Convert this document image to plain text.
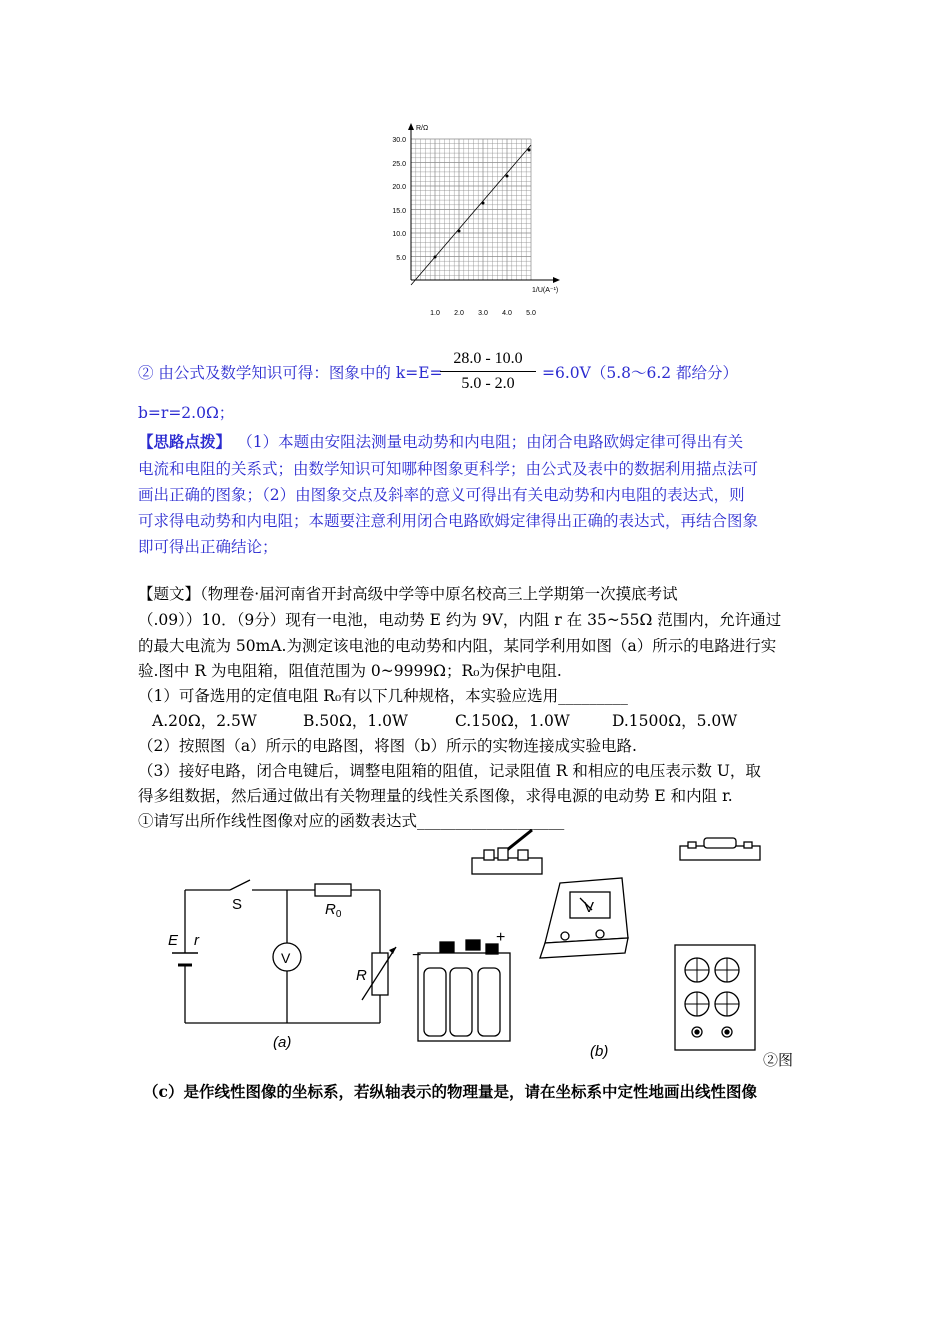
R/Ω
1/U(A⁻¹)
5.0
10.0
15.0
20.0
25.0
30.0
1.0 2.0 3.0 4.0 5.0
② 由公式及数学知识可得：图象中的 k=E=
28.0 - 10.0
5.0 - 2.0
=6.0V（5.8～6.2 都给分）
b=r=2.0Ω；
【思路点拨】 （1）本题由安阻法测量电动势和内电阻；由闭合电路欧姆定律可得出有关
电流和电阻的关系式；由数学知识可知哪种图象更科学；由公式及表中的数据利用描点法可
画出正确的图象；（2）由图象交点及斜率的意义可得出有关电动势和内电阻的表达式，则
可求得电动势和内电阻；本题要注意利用闭合电路欧姆定律得出正确的表达式，再结合图象
即可得出正确结论；
【题文】（物理卷·届河南省开封高级中学等中原名校高三上学期第一次摸底考试
（.09））10．（9分）现有一电池，电动势 E 约为 9V，内阻 r 在 35~55Ω 范围内，允许通过
的最大电流为 50mA.为测定该电池的电动势和内阻，某同学利用如图（a）所示的电路进行实
验.图中 R 为电阻箱，阻值范围为 0~9999Ω；R₀为保护电阻.
（1）可备选用的定值电阻 R₀有以下几种规格，本实验应选用_________
A.20Ω，2.5W	B.50Ω，1.0W	C.150Ω，1.0W	D.1500Ω，5.0W
（2）按照图（a）所示的电路图，将图（b）所示的实物连接成实验电路.
（3）接好电路，闭合电键后，调整电阻箱的阻值，记录阻值 R 和相应的电压表示数 U，取
得多组数据，然后通过做出有关物理量的线性关系图像，求得电源的电动势 E 和内阻 r.
①请写出所作线性图像对应的函数表达式___________________
S	$R_0$
E r
R
V
(a)
V
+
−
(b)	②图
（c）是作线性图像的坐标系，若纵轴表示的物理量是，请在坐标系中定性地画出线性图像
